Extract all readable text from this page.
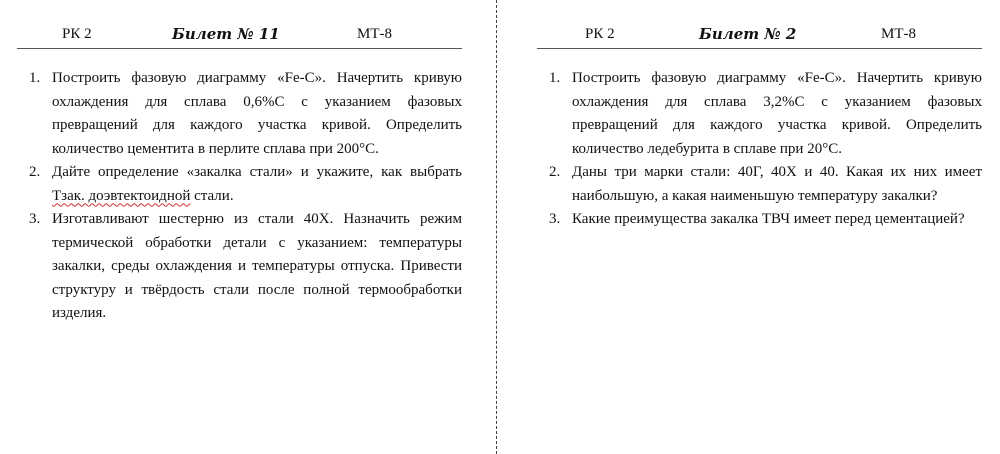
РК 2	Билет № 11	МТ-8
1. Построить фазовую диаграмму «Fe-C». Начертить кривую охлаждения для сплава 0,6%С с указанием фазовых превращений для каждого участка кривой. Определить количество цементита в перлите сплава при 200°С.
2. Дайте определение «закалка стали» и укажите, как выбрать Тзак. доэвтектоидной стали.
3. Изготавливают шестерню из стали 40Х. Назначить режим термической обработки детали с указанием: температуры закалки, среды охлаждения и температуры отпуска. Привести структуру и твёрдость стали после полной термообработки изделия.
РК 2	Билет № 2	МТ-8
1. Построить фазовую диаграмму «Fe-C». Начертить кривую охлаждения для сплава 3,2%С с указанием фазовых превращений для каждого участка кривой. Определить количество ледебурита в сплаве при 20°С.
2. Даны три марки стали: 40Г, 40Х и 40. Какая их них имеет наибольшую, а какая наименьшую температуру закалки?
3. Какие преимущества закалка ТВЧ имеет перед цементацией?
